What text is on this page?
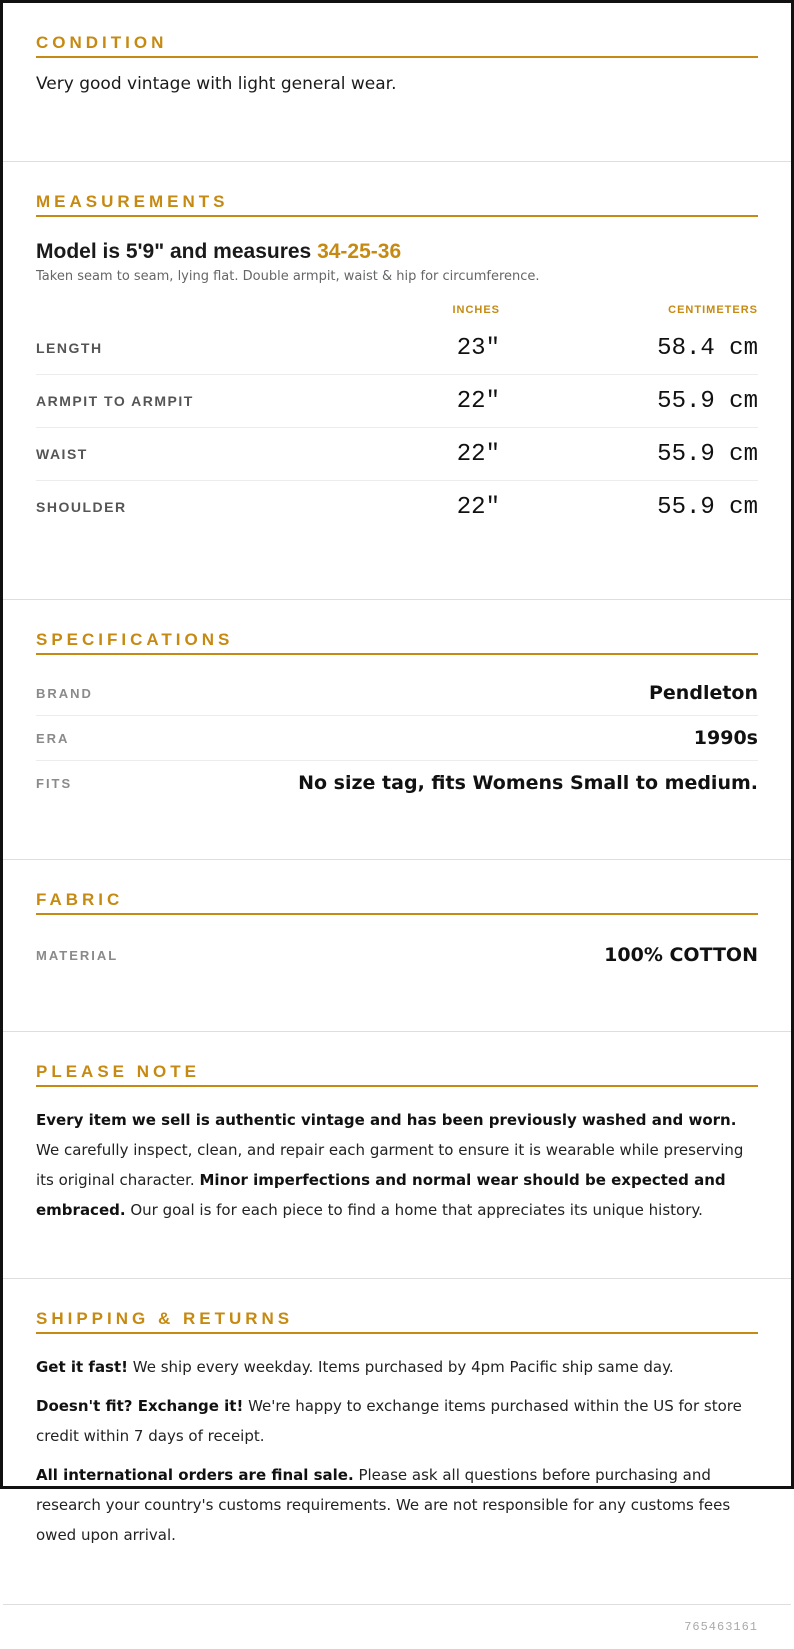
CONDITION
Very good vintage with light general wear.
MEASUREMENTS
Model is 5'9" and measures 34-25-36
Taken seam to seam, lying flat. Double armpit, waist & hip for circumference.
INCHES	CENTIMETERS
LENGTH	23"	58.4 cm
ARMPIT TO ARMPIT	22"	55.9 cm
WAIST	22"	55.9 cm
SHOULDER	22"	55.9 cm
SPECIFICATIONS
BRAND	Pendleton
ERA	1990s
FITS	No size tag, fits Womens Small to medium.
FABRIC
MATERIAL	100% COTTON
PLEASE NOTE
Every item we sell is authentic vintage and has been previously washed and worn. We carefully inspect, clean, and repair each garment to ensure it is wearable while preserving its original character. Minor imperfections and normal wear should be expected and embraced. Our goal is for each piece to find a home that appreciates its unique history.
SHIPPING & RETURNS
Get it fast! We ship every weekday. Items purchased by 4pm Pacific ship same day.
Doesn't fit? Exchange it! We're happy to exchange items purchased within the US for store credit within 7 days of receipt.
All international orders are final sale. Please ask all questions before purchasing and research your country's customs requirements. We are not responsible for any customs fees owed upon arrival.
765463161
